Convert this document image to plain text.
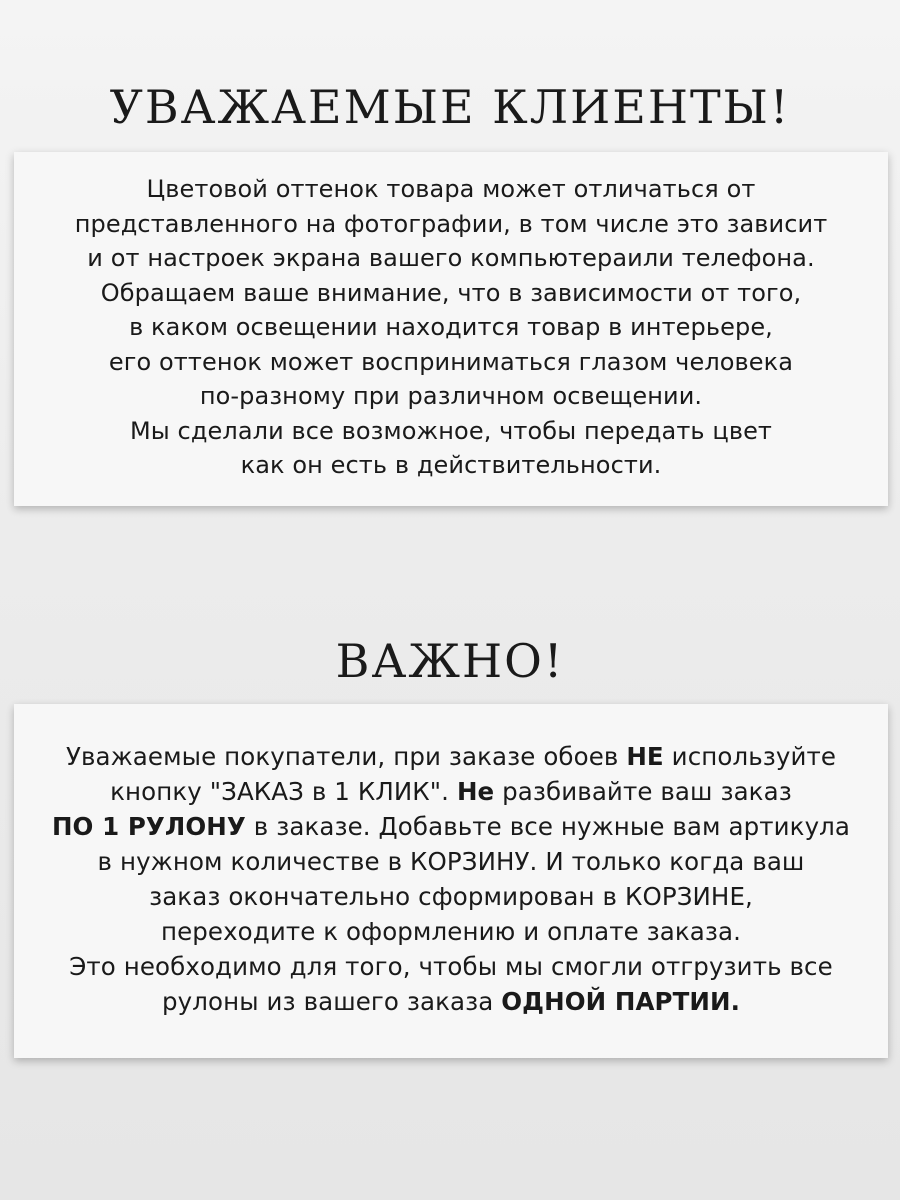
УВАЖАЕМЫЕ КЛИЕНТЫ!
Цветовой оттенок товара может отличаться от
представленного на фотографии, в том числе это зависит
и от настроек экрана вашего компьютераили телефона.
Обращаем ваше внимание, что в зависимости от того,
в каком освещении находится товар в интерьере,
его оттенок может восприниматься глазом человека
по-разному при различном освещении.
Мы сделали все возможное, чтобы передать цвет
как он есть в действительности.
ВАЖНО!
Уважаемые покупатели, при заказе обоев НЕ используйте
кнопку "ЗАКАЗ в 1 КЛИК". Не разбивайте ваш заказ
ПО 1 РУЛОНУ в заказе. Добавьте все нужные вам артикула
в нужном количестве в КОРЗИНУ. И только когда ваш
заказ окончательно сформирован в КОРЗИНЕ,
переходите к оформлению и оплате заказа.
Это необходимо для того, чтобы мы смогли отгрузить все
рулоны из вашего заказа ОДНОЙ ПАРТИИ.
